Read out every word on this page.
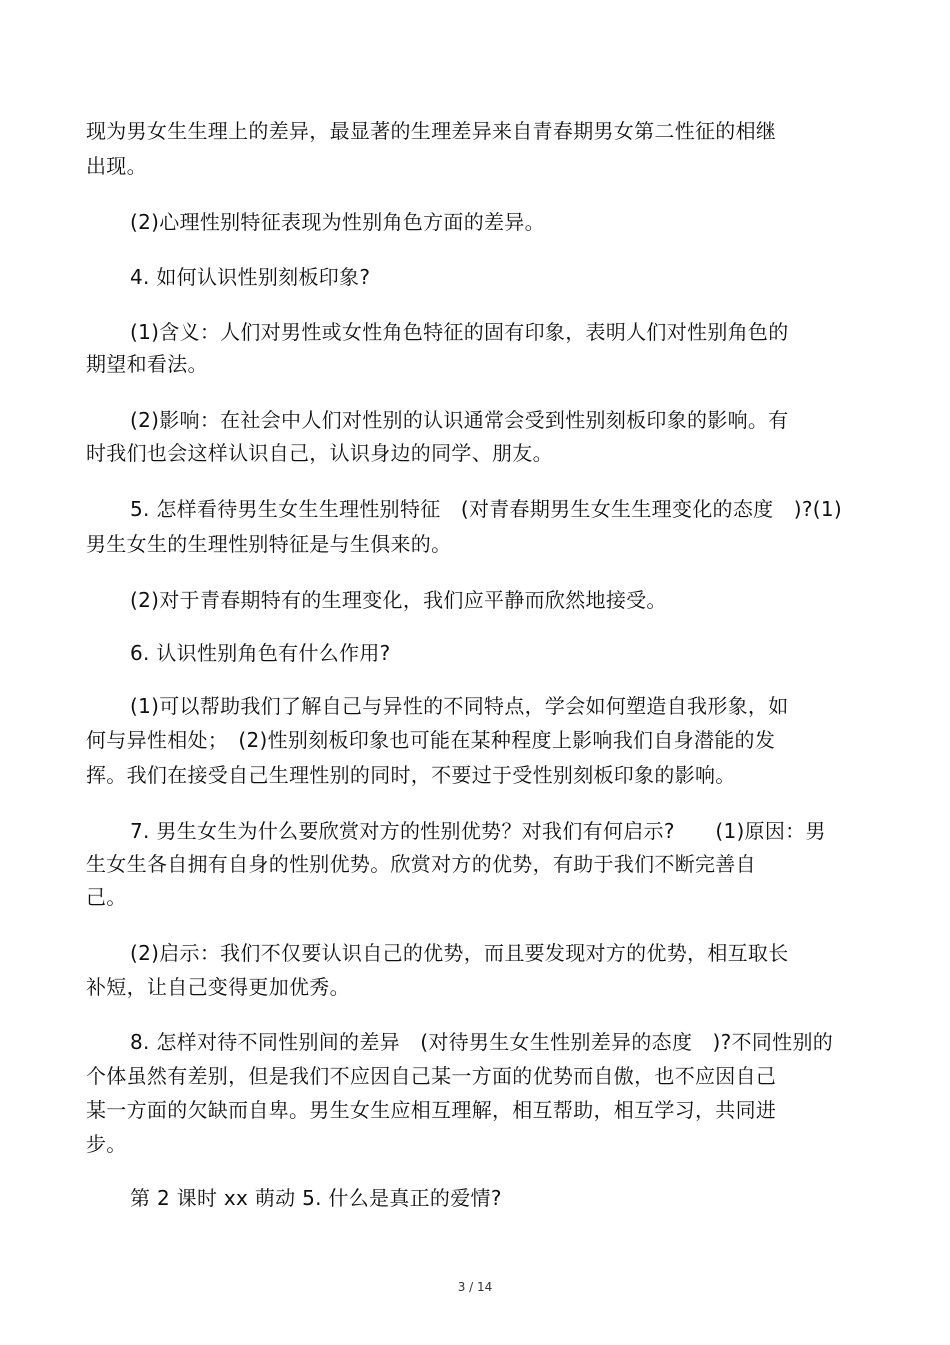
现为男女生生理上的差异，最显著的生理差异来自青春期男女第二性征的相继
出现。
(2)心理性别特征表现为性别角色方面的差异。
4. 如何认识性别刻板印象?
(1)含义：人们对男性或女性角色特征的固有印象，表明人们对性别角色的
期望和看法。
(2)影响：在社会中人们对性别的认识通常会受到性别刻板印象的影响。有
时我们也会这样认识自己，认识身边的同学、朋友。
5. 怎样看待男生女生生理性别特征　(对青春期男生女生生理变化的态度　)?(1)
男生女生的生理性别特征是与生俱来的。
(2)对于青春期特有的生理变化，我们应平静而欣然地接受。
6. 认识性别角色有什么作用?
(1)可以帮助我们了解自己与异性的不同特点，学会如何塑造自我形象，如
何与异性相处；　(2)性别刻板印象也可能在某种程度上影响我们自身潜能的发
挥。我们在接受自己生理性别的同时，不要过于受性别刻板印象的影响。
7. 男生女生为什么要欣赏对方的性别优势？对我们有何启示?　　(1)原因：男
生女生各自拥有自身的性别优势。欣赏对方的优势，有助于我们不断完善自
己。
(2)启示：我们不仅要认识自己的优势，而且要发现对方的优势，相互取长
补短，让自己变得更加优秀。
8. 怎样对待不同性别间的差异　(对待男生女生性别差异的态度　)?不同性别的
个体虽然有差别，但是我们不应因自己某一方面的优势而自傲，也不应因自己
某一方面的欠缺而自卑。男生女生应相互理解，相互帮助，相互学习，共同进
步。
第 2 课时 xx 萌动 5. 什么是真正的爱情?
3 / 14
